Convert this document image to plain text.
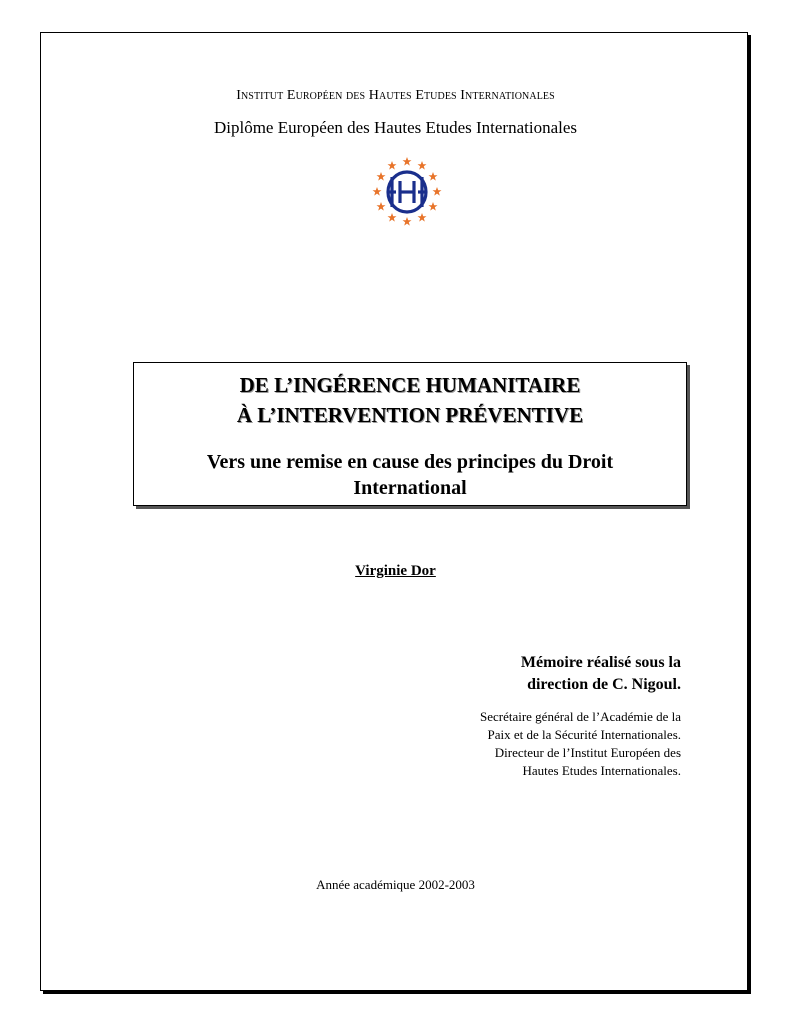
Institut Européen des Hautes Etudes Internationales
Diplôme Européen des Hautes Etudes Internationales
DE L’INGÉRENCE HUMANITAIRE
À L’INTERVENTION PRÉVENTIVE
Vers une remise en cause des principes du Droit
International
Virginie Dor
Mémoire réalisé sous la
direction de C. Nigoul.
Secrétaire général de l’Académie de la
Paix et de la Sécurité Internationales.
Directeur de l’Institut Européen des
Hautes Etudes Internationales.
Année académique 2002-2003
